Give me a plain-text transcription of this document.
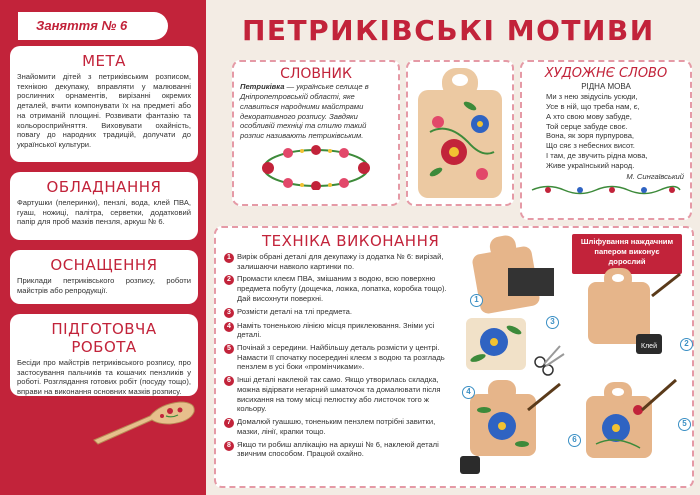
Заняття № 6
МЕТА

Знайомити дітей з петриківським розписом, технікою декупажу, вправляти у малюванні рослинних орнаментів, вирізанні окремих деталей, вчити компонувати їх на предметі або на отриманій площині. Розвивати фантазію та кольоросприйняття. Виховувати охайність, повагу до народних традицій, долучати до української культури.

ОБЛАДНАННЯ

Фартушки (пелеринки), пензлі, вода, клей ПВА, гуаш, ножиці, палітра, серветки, додатковий папір для проб мазків пензля, аркуш № 6.

ОСНАЩЕННЯ

Приклади петриківського розпису, роботи майстрів або репродукції.

ПІДГОТОВЧА РОБОТА

Бесіди про майстрів петриківського розпису, про застосування пальчиків та кошачих пензликів у роботі. Розглядання готових робіт (посуду тощо), вправи на виконання основних мазків розпису.

ПЕТРИКІВСЬКІ МОТИВИ
СЛОВНИК

Петриківка — українське селище в Дніпропетровській області, яке славиться народними майстрами декоративного розпису. Завдяки особливій техніці та стилю такий розпис називають петриківським.

ХУДОЖНЄ СЛОВО
РІДНА МОВА
Ми з нею звідусіль усюди,
Усе в ній, що треба нам, є,
А хто свою мову забуде,
Той серце забуде своє.
Вона, як зоря пурпурова,
Що сяє з небесних висот.
І там, де звучить рідна мова,
Живе український народ.
М. Сингаївський
ТЕХНІКА ВИКОНАННЯ
1 Виріж обрані деталі для декупажу із додатка № 6: вирізай, залишаючи навколо картинки пo.

2 Промасти клеєм ПВА, змішаним з водою, всю поверхню предмета побуту (дощечка, ложка, лопатка, коробка тощо). Дай висохнути поверхні.

3 Розмісти деталі на тлі предмета.

4 Наміть тоненькою лінією місця приклеювання. Зніми усі деталі.

5 Почінай з середини. Найбільшу деталь розмісти у центрі. Намасти її спочатку посередині клеєм з водою та розгладь пензлем в усі боки «промінчиками».

6 Інші деталі наклеюй так само. Якщо утворилась складка, можна відірвати негарний шматочок та домалювати після висихання на тому місці пелюстку або листочок того ж кольору.

7 Домалюй гуашшю, тоненьким пензлем потрібні завитки, мазки, лінії, крапки тощо.

8 Якщо ти робиш аплікацію на аркуші № 6, наклеюй деталі звичним способом. Працюй охайно.

Шліфування наждачним папером виконує дорослий
Клей
1
2
3
4
5
6
